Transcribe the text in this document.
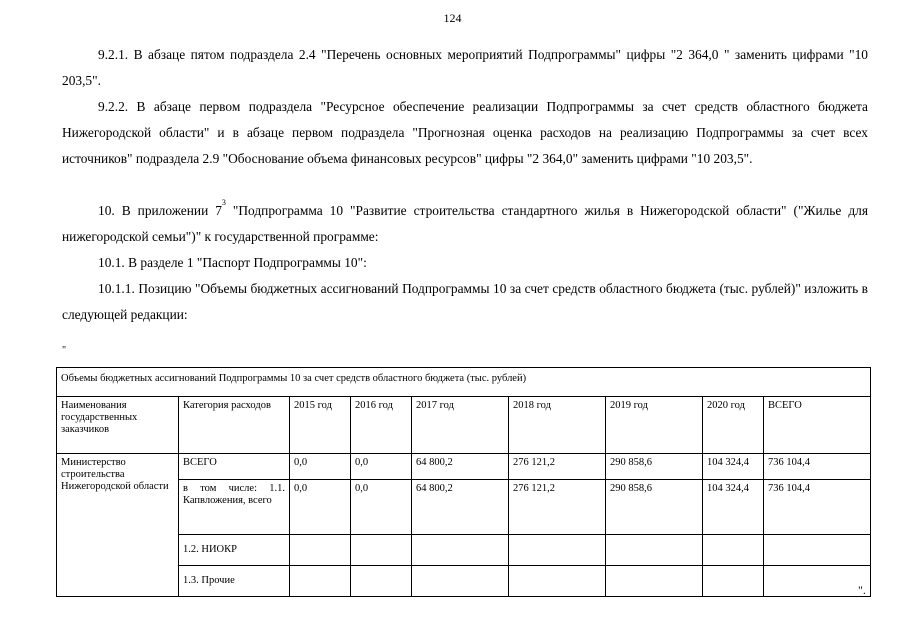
124

9.2.1. В абзаце пятом подраздела 2.4 "Перечень основных мероприятий Подпрограммы" цифры "2 364,0 " заменить цифрами "10 203,5".

9.2.2. В абзаце первом подраздела "Ресурсное обеспечение реализации Подпрограммы за счет средств областного бюджета Нижегородской области" и в абзаце первом подраздела "Прогнозная оценка расходов на реализацию Подпрограммы за счет всех источников" подраздела 2.9 "Обоснование объема финансовых ресурсов" цифры "2 364,0" заменить цифрами "10 203,5".

10. В приложении $7^3$ "Подпрограмма 10 "Развитие строительства стандартного жилья в Нижегородской области" ("Жилье для нижегородской семьи")" к государственной программе:

10.1. В разделе 1 "Паспорт Подпрограммы 10":

10.1.1. Позицию "Объемы бюджетных ассигнований Подпрограммы 10 за счет средств областного бюджета (тыс. рублей)" изложить в следующей редакции:

"
Объемы бюджетных ассигнований Подпрограммы 10 за счет средств областного бюджета (тыс. рублей)								
Наименования государственных заказчиков	Категория расходов	2015 год	2016 год	2017 год	2018 год	2019 год	2020 год	ВСЕГО
Министерство строительства Нижегородской области	ВСЕГО	0,0	0,0	64 800,2	276 121,2	290 858,6	104 324,4	736 104,4
	в том числе: 1.1. Капвложения, всего	0,0	0,0	64 800,2	276 121,2	290 858,6	104 324,4	736 104,4
	1.2. НИОКР							
	1.3. Прочие							
".
